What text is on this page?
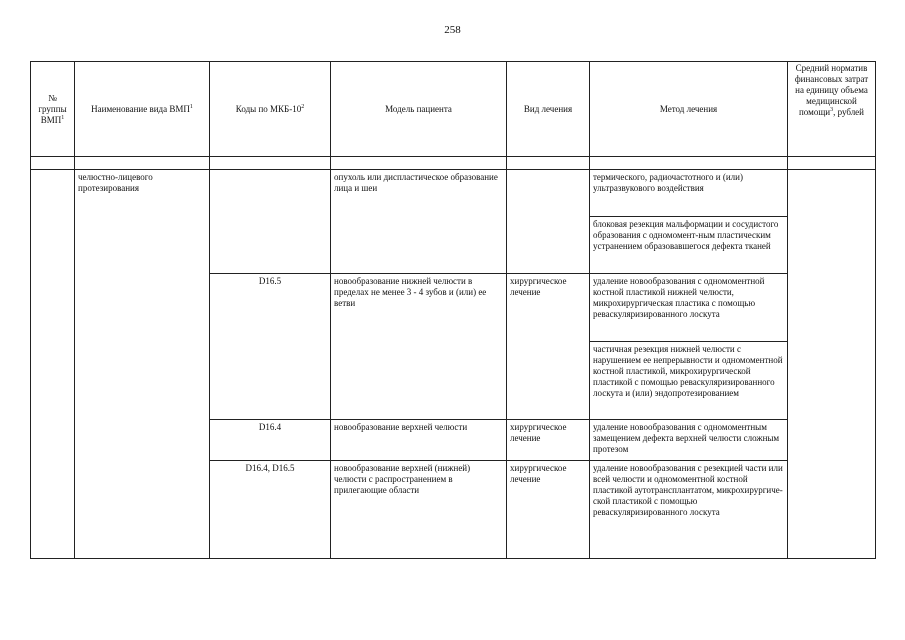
258
№ группы ВМП$^1$	Наименование вида ВМП$^1$	Коды по МКБ-$10^2$	Модель пациента	Вид лечения	Метод лечения	Средний норматив финансовых затрат на единицу объема медицинской помощи$^3$, рублей

	челюстно-лицевого протезирования		опухоль или диспластическое образование лица и шеи		термического, радиочастотного и (или) ультразвукового воздействия	
					блоковая резекция мальформации и сосудистого образования с одномомент-ным пластическим устранением образовавшегося дефекта тканей	
		D16.5	новообразование нижней челюсти в пределах не менее 3 - 4 зубов и (или) ее ветви	хирургическое лечение	удаление новообразования с одномоментной костной пластикой нижней челюсти, микрохирургическая пластика с помощью реваскуляризированного лоскута	
					частичная резекция нижней челюсти с нарушением ее непрерывности и одномоментной костной пластикой, микрохирургической пластикой с помощью реваскуляризированного лоскута и (или) эндопротезированием	
		D16.4	новообразование верхней челюсти	хирургическое лечение	удаление новообразования с одномоментным замещением дефекта верхней челюсти сложным протезом	
		D16.4, D16.5	новообразование верхней (нижней) челюсти с распространением в прилегающие области	хирургическое лечение	удаление новообразования с резекцией части или всей челюсти и одномоментной костной пластикой аутотрансплантатом, микрохирургиче-ской пластикой с помощью реваскуляризированного лоскута	
